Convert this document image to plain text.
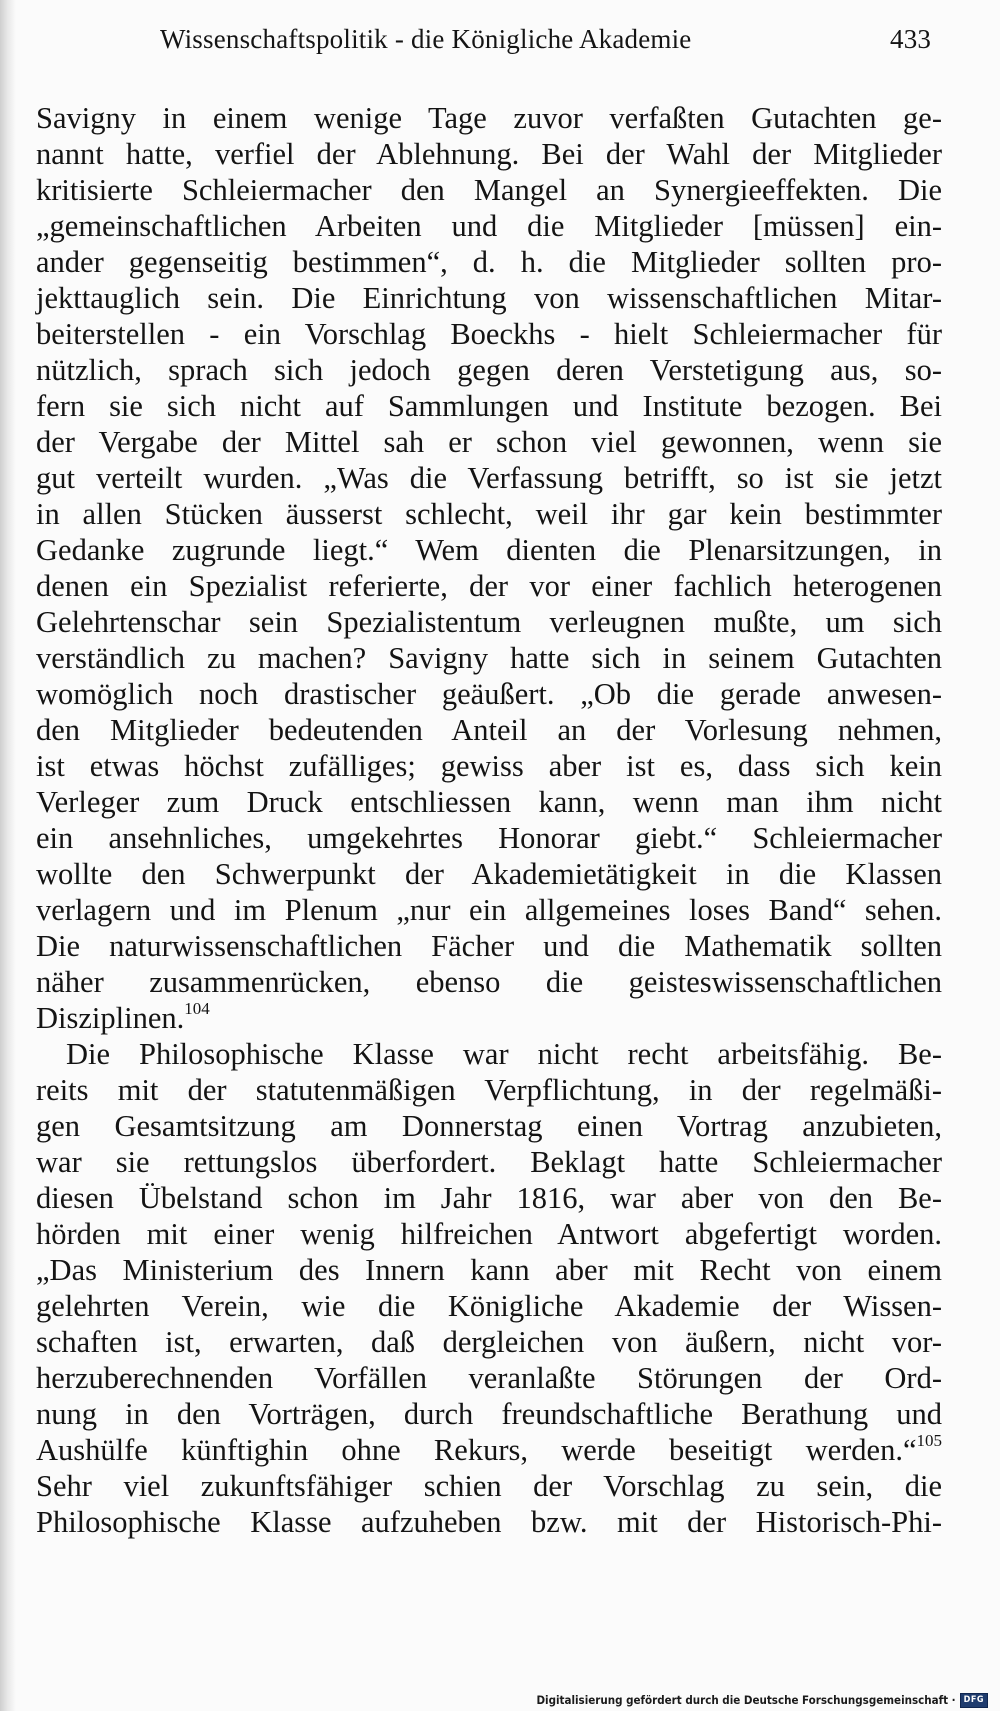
Wissenschaftspolitik - die Königliche Akademie	433
Savigny in einem wenige Tage zuvor verfaßten Gutachten ge-
nannt hatte, verfiel der Ablehnung. Bei der Wahl der Mitglieder
kritisierte Schleiermacher den Mangel an Synergieeffekten. Die
„gemeinschaftlichen Arbeiten und die Mitglieder [müssen] ein-
ander gegenseitig bestimmen“, d. h. die Mitglieder sollten pro-
jekttauglich sein. Die Einrichtung von wissenschaftlichen Mitar-
beiterstellen - ein Vorschlag Boeckhs - hielt Schleiermacher für
nützlich, sprach sich jedoch gegen deren Verstetigung aus, so-
fern sie sich nicht auf Sammlungen und Institute bezogen. Bei
der Vergabe der Mittel sah er schon viel gewonnen, wenn sie
gut verteilt wurden. „Was die Verfassung betrifft, so ist sie jetzt
in allen Stücken äusserst schlecht, weil ihr gar kein bestimmter
Gedanke zugrunde liegt.“ Wem dienten die Plenarsitzungen, in
denen ein Spezialist referierte, der vor einer fachlich heterogenen
Gelehrtenschar sein Spezialistentum verleugnen mußte, um sich
verständlich zu machen? Savigny hatte sich in seinem Gutachten
womöglich noch drastischer geäußert. „Ob die gerade anwesen-
den Mitglieder bedeutenden Anteil an der Vorlesung nehmen,
ist etwas höchst zufälliges; gewiss aber ist es, dass sich kein
Verleger zum Druck entschliessen kann, wenn man ihm nicht
ein ansehnliches, umgekehrtes Honorar giebt.“ Schleiermacher
wollte den Schwerpunkt der Akademietätigkeit in die Klassen
verlagern und im Plenum „nur ein allgemeines loses Band“ sehen.
Die naturwissenschaftlichen Fächer und die Mathematik sollten
näher zusammenrücken, ebenso die geisteswissenschaftlichen
Disziplinen.$^{104}$
Die Philosophische Klasse war nicht recht arbeitsfähig. Be-
reits mit der statutenmäßigen Verpflichtung, in der regelmäßi-
gen Gesamtsitzung am Donnerstag einen Vortrag anzubieten,
war sie rettungslos überfordert. Beklagt hatte Schleiermacher
diesen Übelstand schon im Jahr 1816, war aber von den Be-
hörden mit einer wenig hilfreichen Antwort abgefertigt worden.
„Das Ministerium des Innern kann aber mit Recht von einem
gelehrten Verein, wie die Königliche Akademie der Wissen-
schaften ist, erwarten, daß dergleichen von äußern, nicht vor-
herzuberechnenden Vorfällen veranlaßte Störungen der Ord-
nung in den Vorträgen, durch freundschaftliche Berathung und
Aushülfe künftighin ohne Rekurs, werde beseitigt werden.“$^{105}$
Sehr viel zukunftsfähiger schien der Vorschlag zu sein, die
Philosophische Klasse aufzuheben bzw. mit der Historisch-Phi-
Digitalisierung gefördert durch die Deutsche Forschungsgemeinschaft · DFG
